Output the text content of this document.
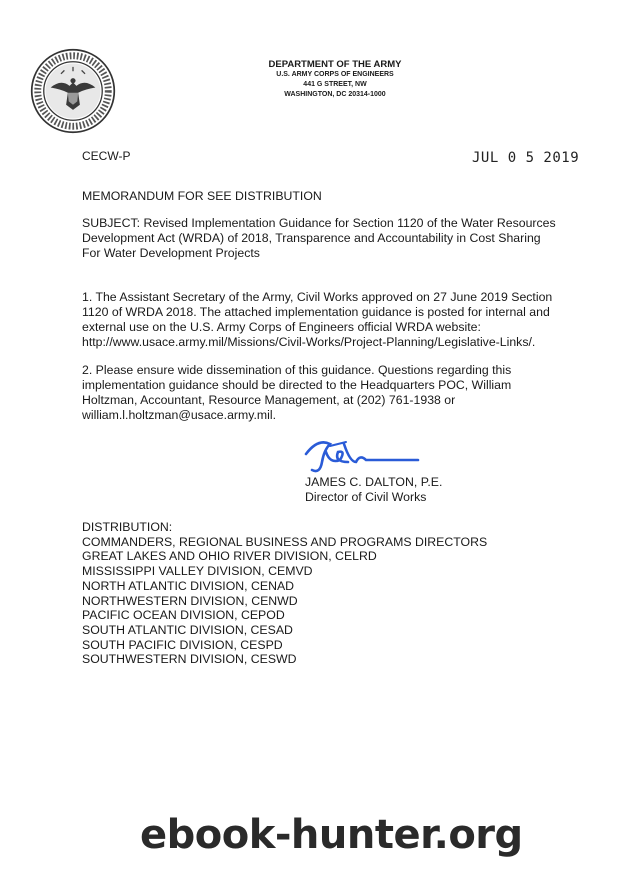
DEPARTMENT OF THE ARMY
U.S. ARMY CORPS OF ENGINEERS
441 G STREET, NW
WASHINGTON, DC 20314-1000
CECW-P	JUL 0 5 2019
MEMORANDUM FOR SEE DISTRIBUTION

SUBJECT: Revised Implementation Guidance for Section 1120 of the Water Resources Development Act (WRDA) of 2018, Transparence and Accountability in Cost Sharing For Water Development Projects

1. The Assistant Secretary of the Army, Civil Works approved on 27 June 2019 Section 1120 of WRDA 2018. The attached implementation guidance is posted for internal and external use on the U.S. Army Corps of Engineers official WRDA website: http://www.usace.army.mil/Missions/Civil-Works/Project-Planning/Legislative-Links/.

2. Please ensure wide dissemination of this guidance. Questions regarding this implementation guidance should be directed to the Headquarters POC, William Holtzman, Accountant, Resource Management, at (202) 761-1938 or william.l.holtzman@usace.army.mil.

JAMES C. DALTON, P.E.
Director of Civil Works
DISTRIBUTION:
COMMANDERS, REGIONAL BUSINESS AND PROGRAMS DIRECTORS
GREAT LAKES AND OHIO RIVER DIVISION, CELRD
MISSISSIPPI VALLEY DIVISION, CEMVD
NORTH ATLANTIC DIVISION, CENAD
NORTHWESTERN DIVISION, CENWD
PACIFIC OCEAN DIVISION, CEPOD
SOUTH ATLANTIC DIVISION, CESAD
SOUTH PACIFIC DIVISION, CESPD
SOUTHWESTERN DIVISION, CESWD
ebook-hunter.org
